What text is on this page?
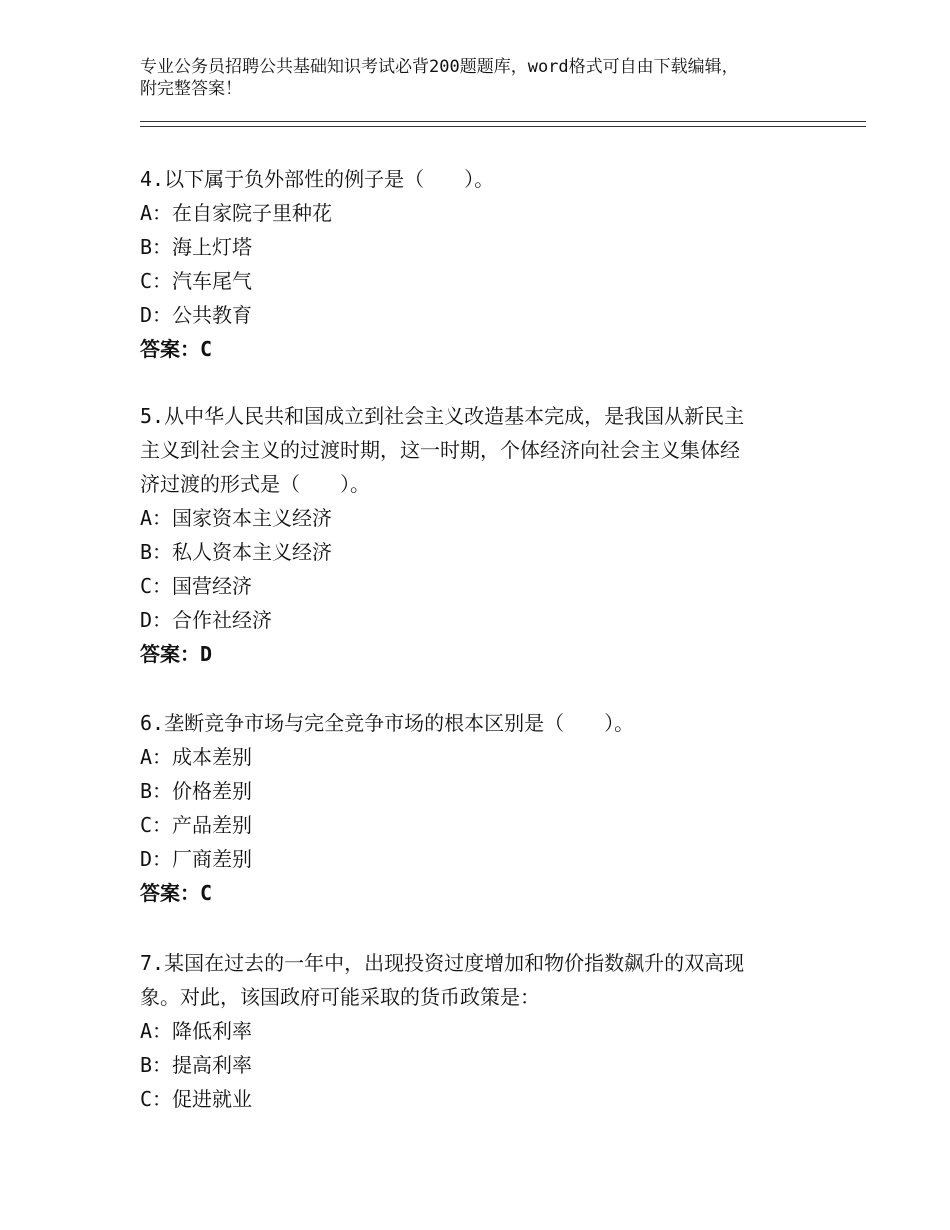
专业公务员招聘公共基础知识考试必背200题题库，word格式可自由下载编辑，
附完整答案！
4.以下属于负外部性的例子是（　　）。
A：在自家院子里种花
B：海上灯塔
C：汽车尾气
D：公共教育
答案：C
5.从中华人民共和国成立到社会主义改造基本完成，是我国从新民主
主义到社会主义的过渡时期，这一时期，个体经济向社会主义集体经
济过渡的形式是（　　）。
A：国家资本主义经济
B：私人资本主义经济
C：国营经济
D：合作社经济
答案：D
6.垄断竞争市场与完全竞争市场的根本区别是（　　）。
A：成本差别
B：价格差别
C：产品差别
D：厂商差别
答案：C
7.某国在过去的一年中，出现投资过度增加和物价指数飙升的双高现
象。对此，该国政府可能采取的货币政策是：
A：降低利率
B：提高利率
C：促进就业
